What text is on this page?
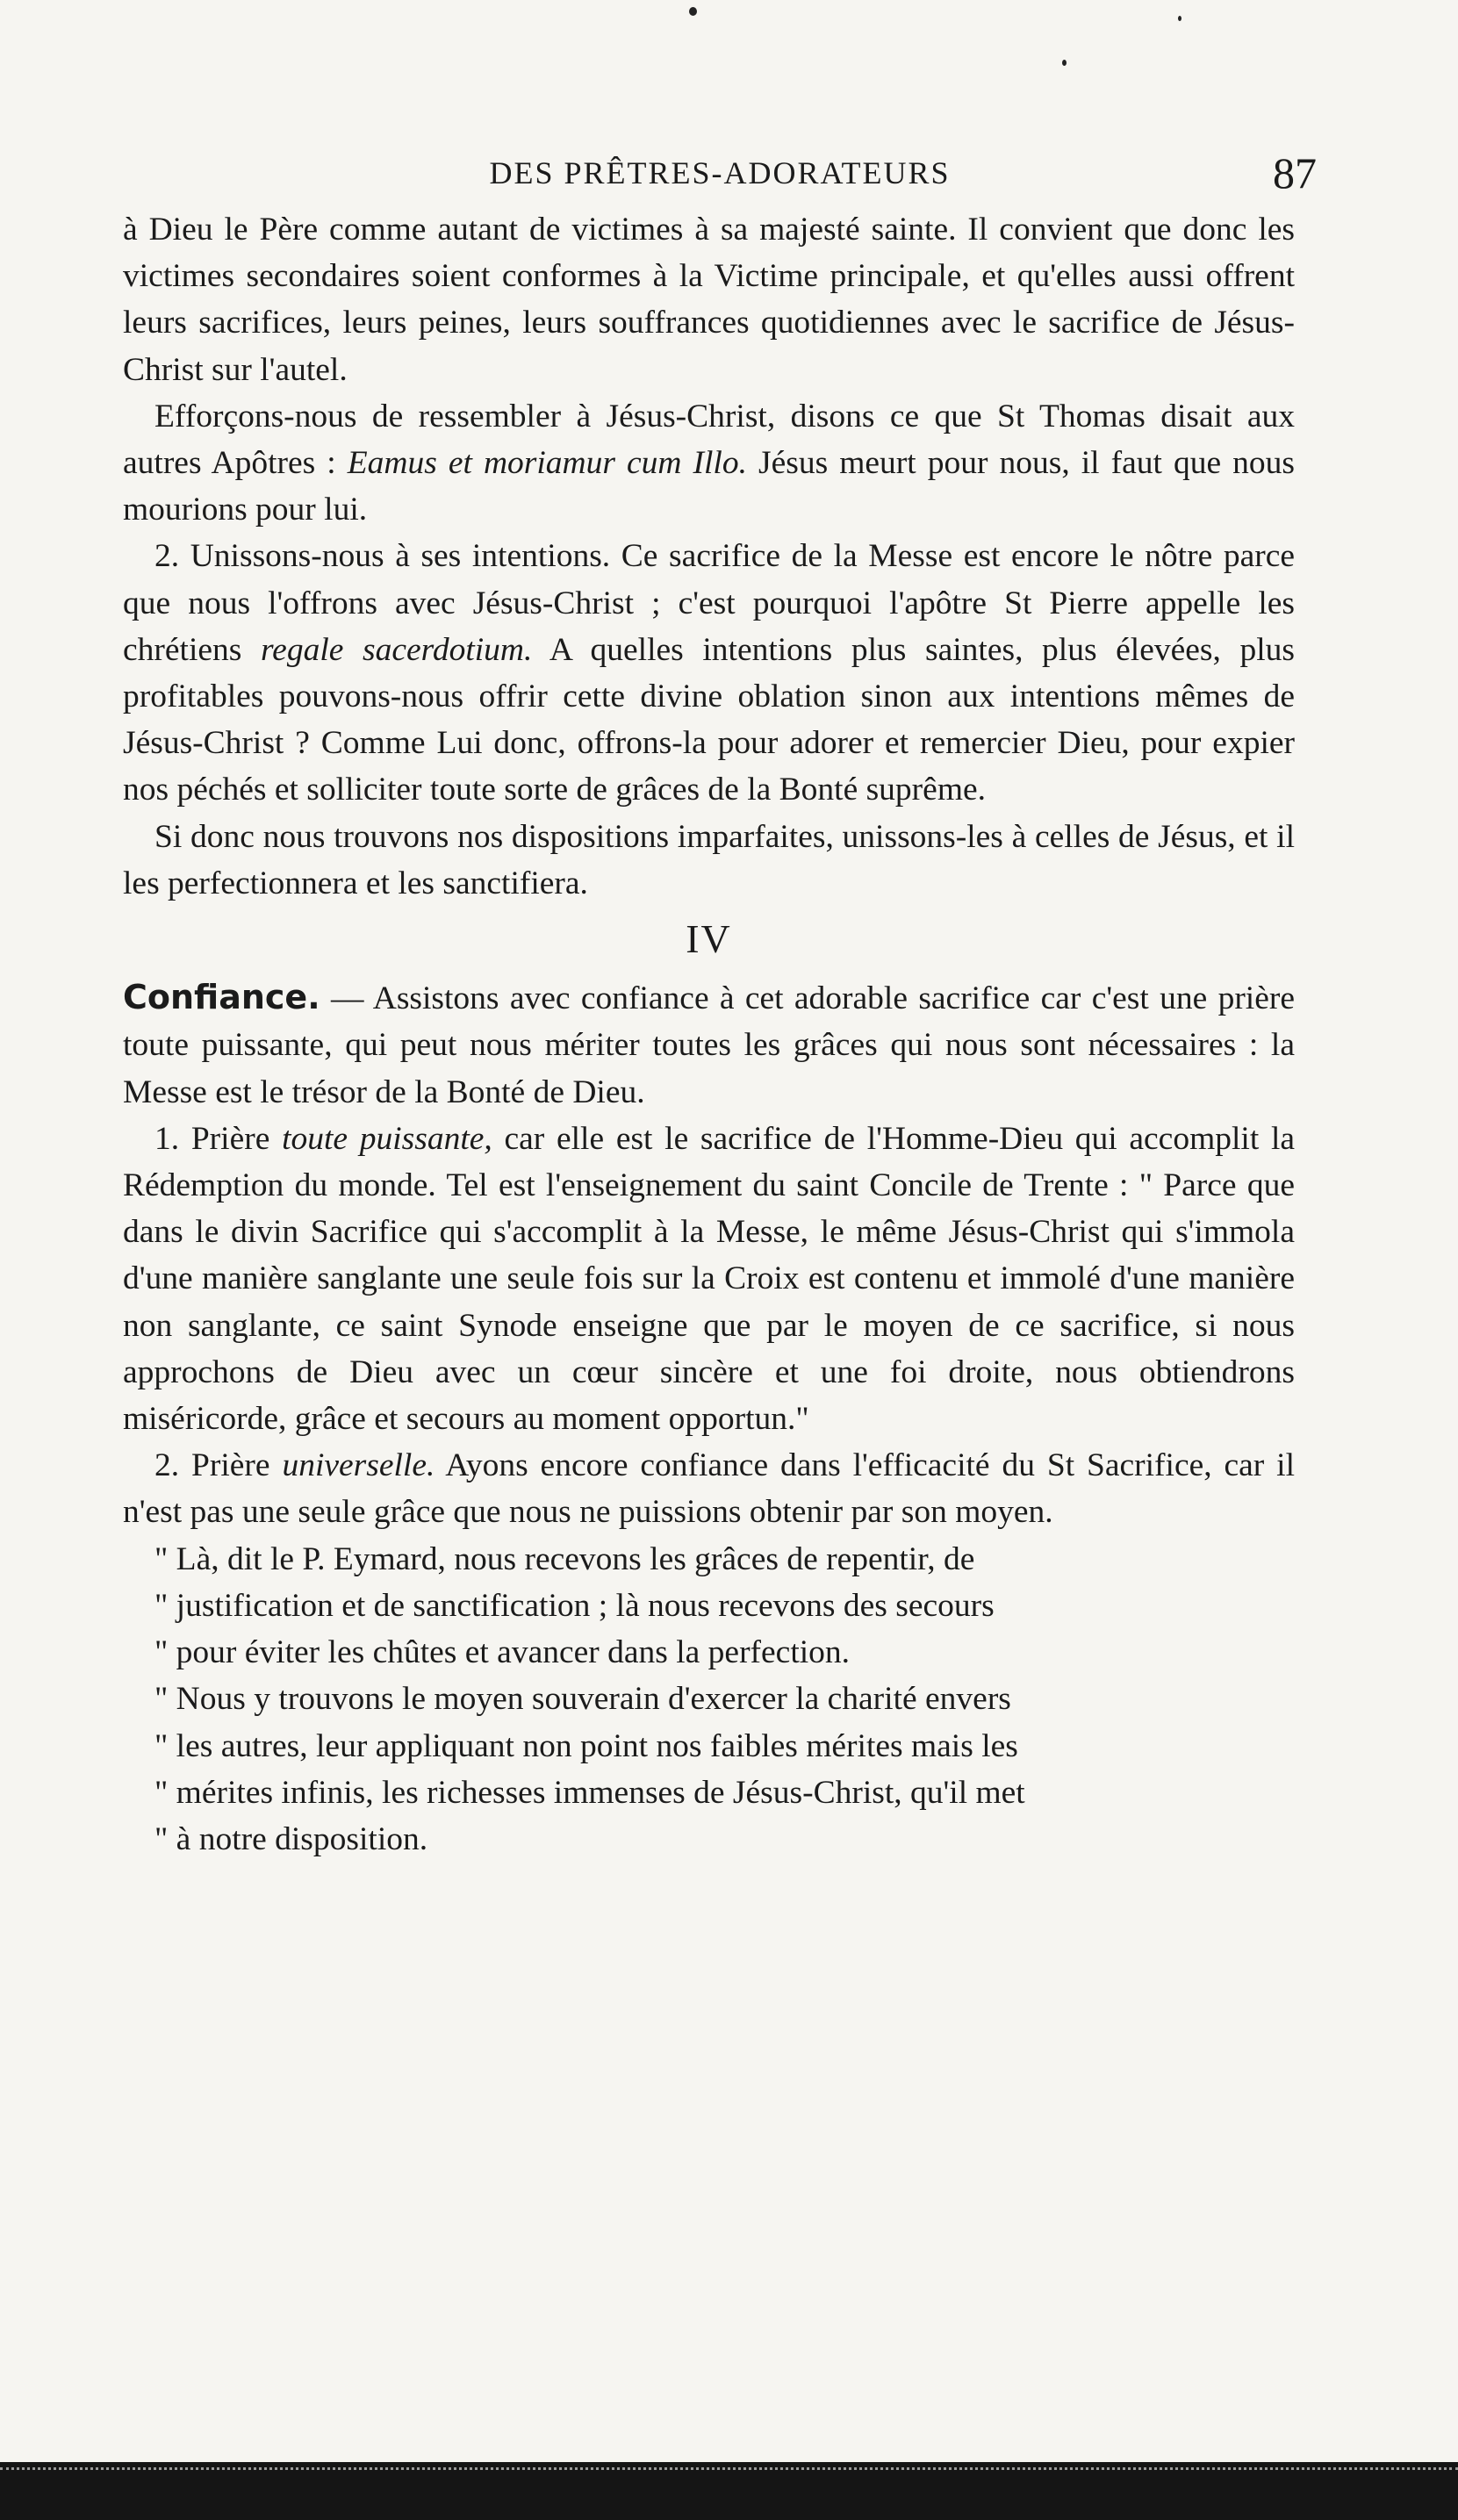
DES PRÊTRES-ADORATEURS	87

à Dieu le Père comme autant de victimes à sa majesté sainte. Il convient que donc les victimes secondaires soient conformes à la Victime principale, et qu'elles aussi offrent leurs sacrifices, leurs peines, leurs souffrances quotidiennes avec le sacrifice de Jésus-Christ sur l'autel.

Efforçons-nous de ressembler à Jésus-Christ, disons ce que St Thomas disait aux autres Apôtres : Eamus et moriamur cum Illo. Jésus meurt pour nous, il faut que nous mourions pour lui.

2. Unissons-nous à ses intentions. Ce sacrifice de la Messe est encore le nôtre parce que nous l'offrons avec Jésus-Christ ; c'est pourquoi l'apôtre St Pierre appelle les chrétiens regale sacerdotium. A quelles intentions plus saintes, plus élevées, plus profitables pouvons-nous offrir cette divine oblation sinon aux intentions mêmes de Jésus-Christ ? Comme Lui donc, offrons-la pour adorer et remercier Dieu, pour expier nos péchés et solliciter toute sorte de grâces de la Bonté suprême.

Si donc nous trouvons nos dispositions imparfaites, unissons-les à celles de Jésus, et il les perfectionnera et les sanctifiera.

IV

Confiance. — Assistons avec confiance à cet adorable sacrifice car c'est une prière toute puissante, qui peut nous mériter toutes les grâces qui nous sont nécessaires : la Messe est le trésor de la Bonté de Dieu.

1. Prière toute puissante, car elle est le sacrifice de l'Homme-Dieu qui accomplit la Rédemption du monde. Tel est l'enseignement du saint Concile de Trente : " Parce que dans le divin Sacrifice qui s'accomplit à la Messe, le même Jésus-Christ qui s'immola d'une manière sanglante une seule fois sur la Croix est contenu et immolé d'une manière non sanglante, ce saint Synode enseigne que par le moyen de ce sacrifice, si nous approchons de Dieu avec un cœur sincère et une foi droite, nous obtiendrons miséricorde, grâce et secours au moment opportun."

2. Prière universelle. Ayons encore confiance dans l'efficacité du St Sacrifice, car il n'est pas une seule grâce que nous ne puissions obtenir par son moyen.

" Là, dit le P. Eymard, nous recevons les grâces de repentir, de

" justification et de sanctification ; là nous recevons des secours

" pour éviter les chûtes et avancer dans la perfection.

" Nous y trouvons le moyen souverain d'exercer la charité envers

" les autres, leur appliquant non point nos faibles mérites mais les

" mérites infinis, les richesses immenses de Jésus-Christ, qu'il met

" à notre disposition.
